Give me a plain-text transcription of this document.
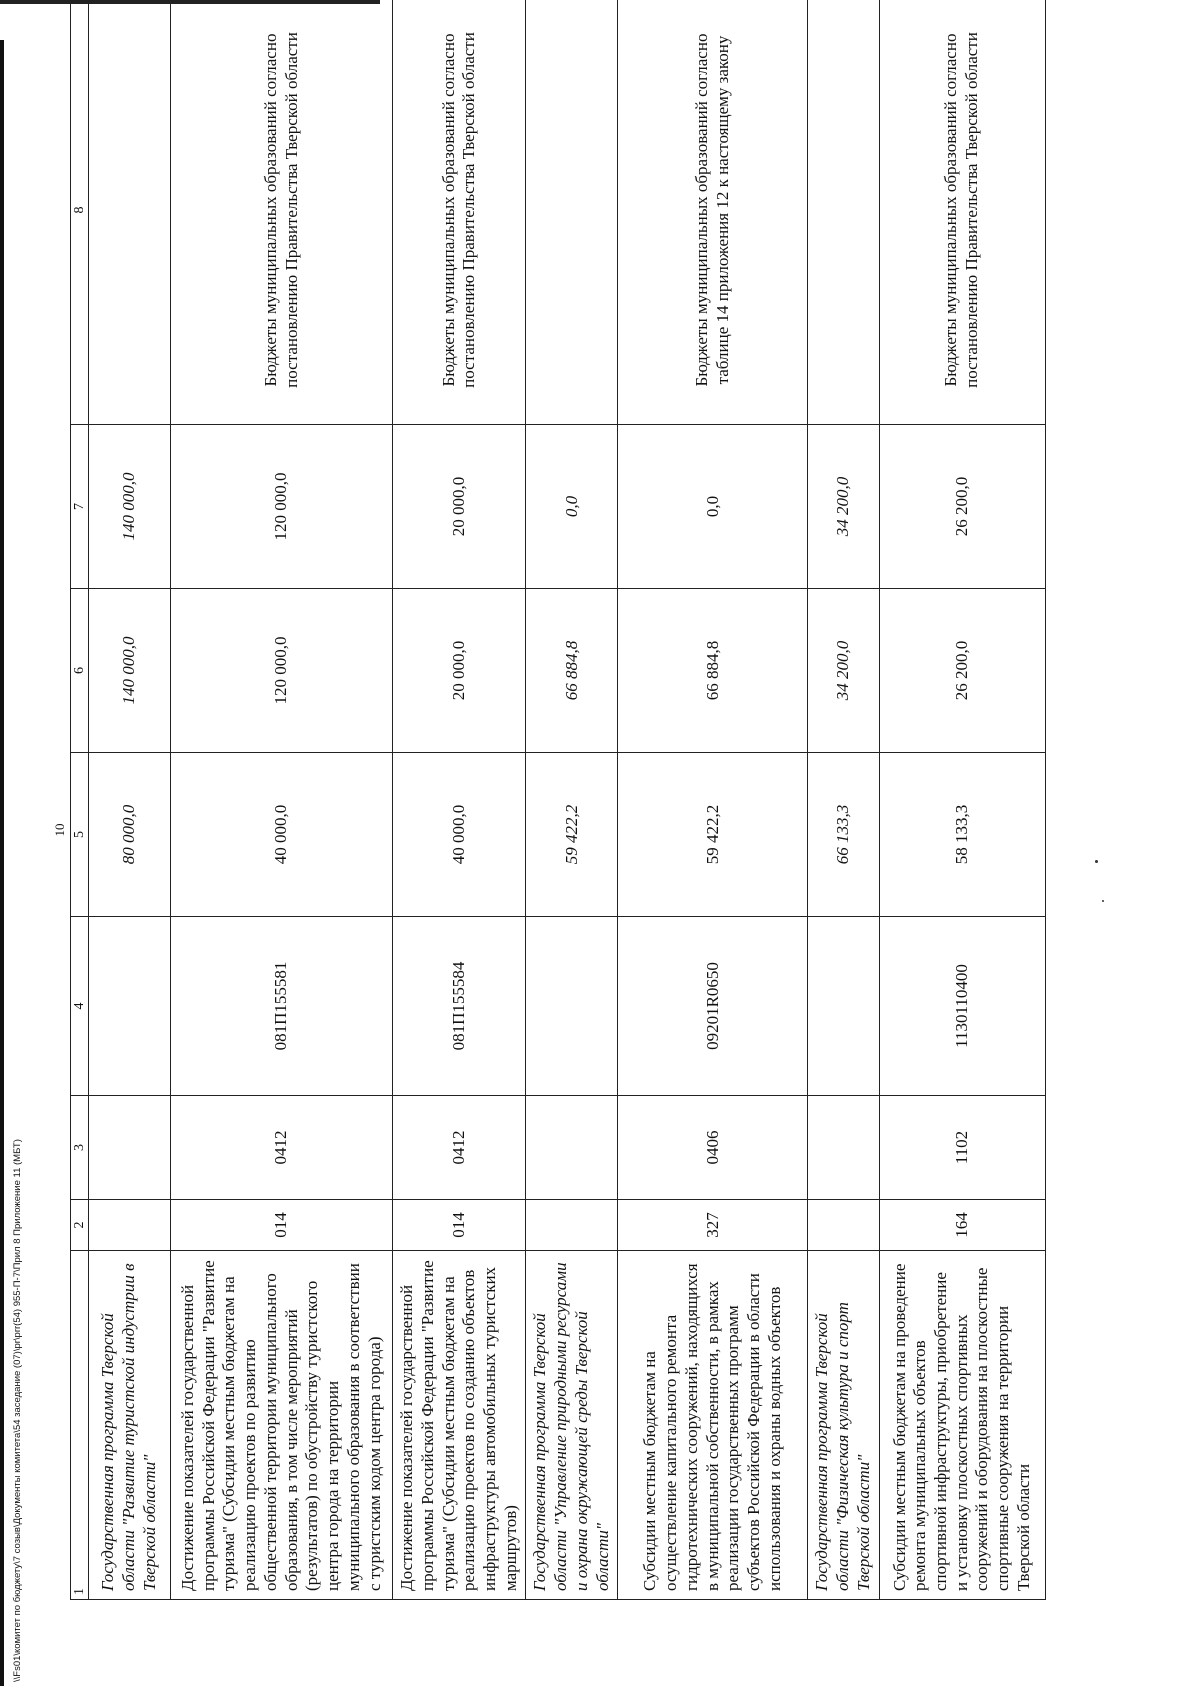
10
1	2	3	4	5	6	7	8
Государственная программа Тверской области "Развитие туристской индустрии в Тверской области"				80 000,0	140 000,0	140 000,0	
Достижение показателей государственной программы Российской Федерации "Развитие туризма" (Субсидии местным бюджетам на реализацию проектов по развитию общественной территории муниципального образования, в том числе мероприятий (результатов) по обустройству туристского центра города на территории муниципального образования в соответствии с туристским кодом центра города)	014	0412	081П155581	40 000,0	120 000,0	120 000,0	Бюджеты муниципальных образований согласно постановлению Правительства Тверской области
Достижение показателей государственной программы Российской Федерации "Развитие туризма" (Субсидии местным бюджетам на реализацию проектов по созданию объектов инфраструктуры автомобильных туристских маршрутов)	014	0412	081П155584	40 000,0	20 000,0	20 000,0	Бюджеты муниципальных образований согласно постановлению Правительства Тверской области
Государственная программа Тверской области "Управление природными ресурсами и охрана окружающей среды Тверской области"				59 422,2	66 884,8	0,0	
Субсидии местным бюджетам на осуществление капитального ремонта гидротехнических сооружений, находящихся в муниципальной собственности, в рамках реализации государственных программ субъектов Российской Федерации в области использования и охраны водных объектов	327	0406	09201R0650	59 422,2	66 884,8	0,0	Бюджеты муниципальных образований согласно таблице 14 приложения 12 к настоящему закону
Государственная программа Тверской области "Физическая культура и спорт Тверской области"				66 133,3	34 200,0	34 200,0	
Субсидии местным бюджетам на проведение ремонта муниципальных объектов спортивной инфраструктуры, приобретение и установку плоскостных спортивных сооружений и оборудования на плоскостные спортивные сооружения на территории Тверской области	164	1102	1130110400	58 133,3	26 200,0	26 200,0	Бюджеты муниципальных образований согласно постановлению Правительства Тверской области
\\Fs01\комитет по бюджету\7 созыв\Документы комитета\54 заседание (07)\pr\prr(54) 955-П-7\Прил 8 Приложение 11 (МБТ)
